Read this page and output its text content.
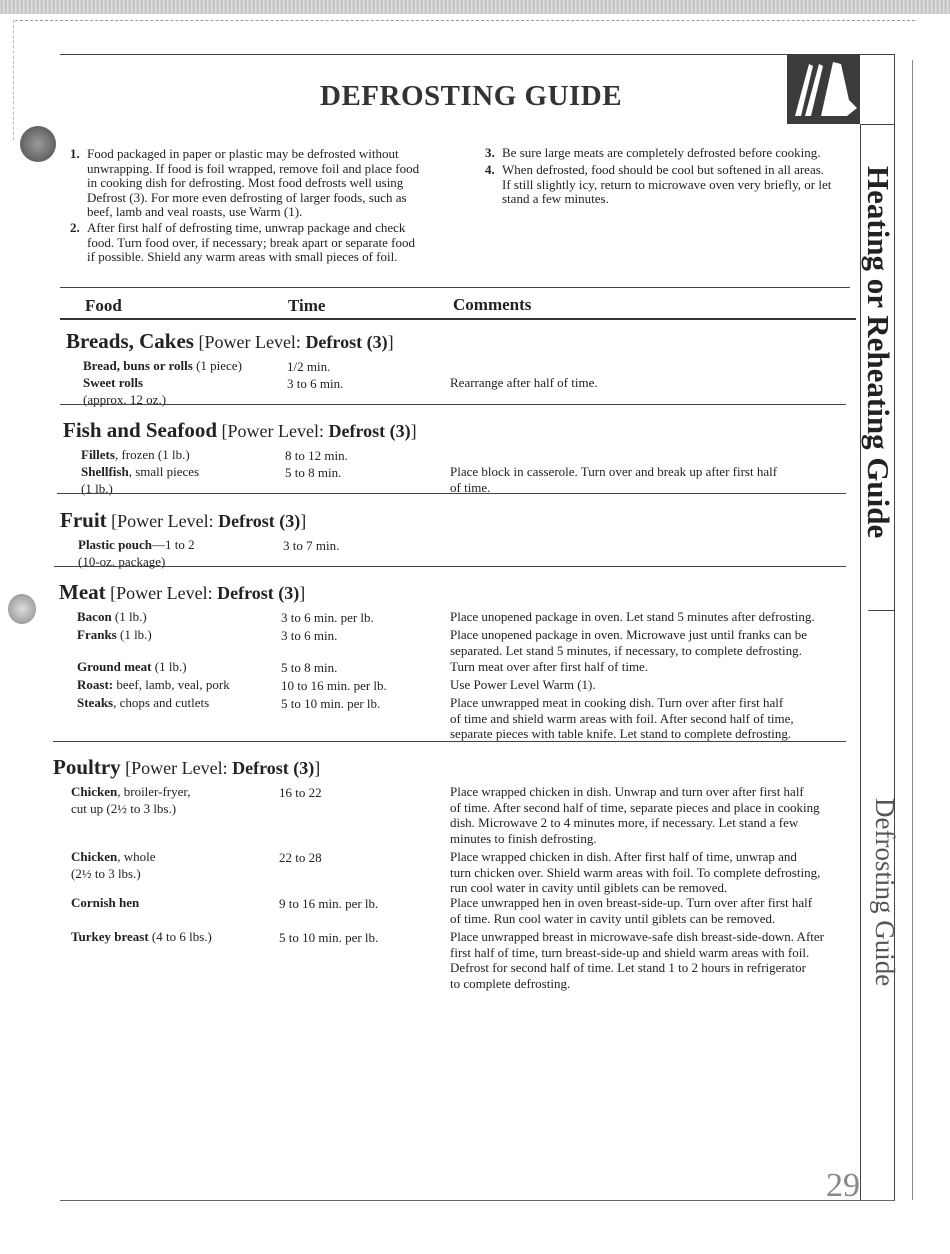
DEFROSTING GUIDE
1. Food packaged in paper or plastic may be defrosted without
unwrapping. If food is foil wrapped, remove foil and place food
in cooking dish for defrosting. Most food defrosts well using
Defrost (3). For more even defrosting of larger foods, such as
beef, lamb and veal roasts, use Warm (1).
2. After first half of defrosting time, unwrap package and check
food. Turn food over, if necessary; break apart or separate food
if possible. Shield any warm areas with small pieces of foil.
3. Be sure large meats are completely defrosted before cooking.
4. When defrosted, food should be cool but softened in all areas.
If still slightly icy, return to microwave oven very briefly, or let
stand a few minutes.
Food	Time	Comments
Breads, Cakes [Power Level: Defrost (3)]
Bread, buns or rolls (1 piece)	1/2 min.
Sweet rolls
(approx. 12 oz.)
3 to 6 min.	Rearrange after half of time.
Fish and Seafood [Power Level: Defrost (3)]
Fillets, frozen (1 lb.)	8 to 12 min.
Shellfish, small pieces
(1 lb.)
5 to 8 min.	Place block in casserole. Turn over and break up after first half
of time.
Fruit [Power Level: Defrost (3)]
Plastic pouch—1 to 2
(10-oz. package)
3 to 7 min.
Meat [Power Level: Defrost (3)]
Bacon (1 lb.)	3 to 6 min. per lb.	Place unopened package in oven. Let stand 5 minutes after defrosting.
Franks (1 lb.)	3 to 6 min.	Place unopened package in oven. Microwave just until franks can be
separated. Let stand 5 minutes, if necessary, to complete defrosting.
Ground meat (1 lb.)	5 to 8 min.	Turn meat over after first half of time.
Roast: beef, lamb, veal, pork	10 to 16 min. per lb.	Use Power Level Warm (1).
Steaks, chops and cutlets	5 to 10 min. per lb.	Place unwrapped meat in cooking dish. Turn over after first half
of time and shield warm areas with foil. After second half of time,
separate pieces with table knife. Let stand to complete defrosting.
Poultry [Power Level: Defrost (3)]
Chicken, broiler-fryer,
cut up (2½ to 3 lbs.)
16 to 22	Place wrapped chicken in dish. Unwrap and turn over after first half
of time. After second half of time, separate pieces and place in cooking
dish. Microwave 2 to 4 minutes more, if necessary. Let stand a few
minutes to finish defrosting.
Chicken, whole
(2½ to 3 lbs.)
22 to 28	Place wrapped chicken in dish. After first half of time, unwrap and
turn chicken over. Shield warm areas with foil. To complete defrosting,
run cool water in cavity until giblets can be removed.
Cornish hen	9 to 16 min. per lb.	Place unwrapped hen in oven breast-side-up. Turn over after first half
of time. Run cool water in cavity until giblets can be removed.
Turkey breast (4 to 6 lbs.)	5 to 10 min. per lb.	Place unwrapped breast in microwave-safe dish breast-side-down. After
first half of time, turn breast-side-up and shield warm areas with foil.
Defrost for second half of time. Let stand 1 to 2 hours in refrigerator
to complete defrosting.
Heating or Reheating Guide
Defrosting Guide
29
